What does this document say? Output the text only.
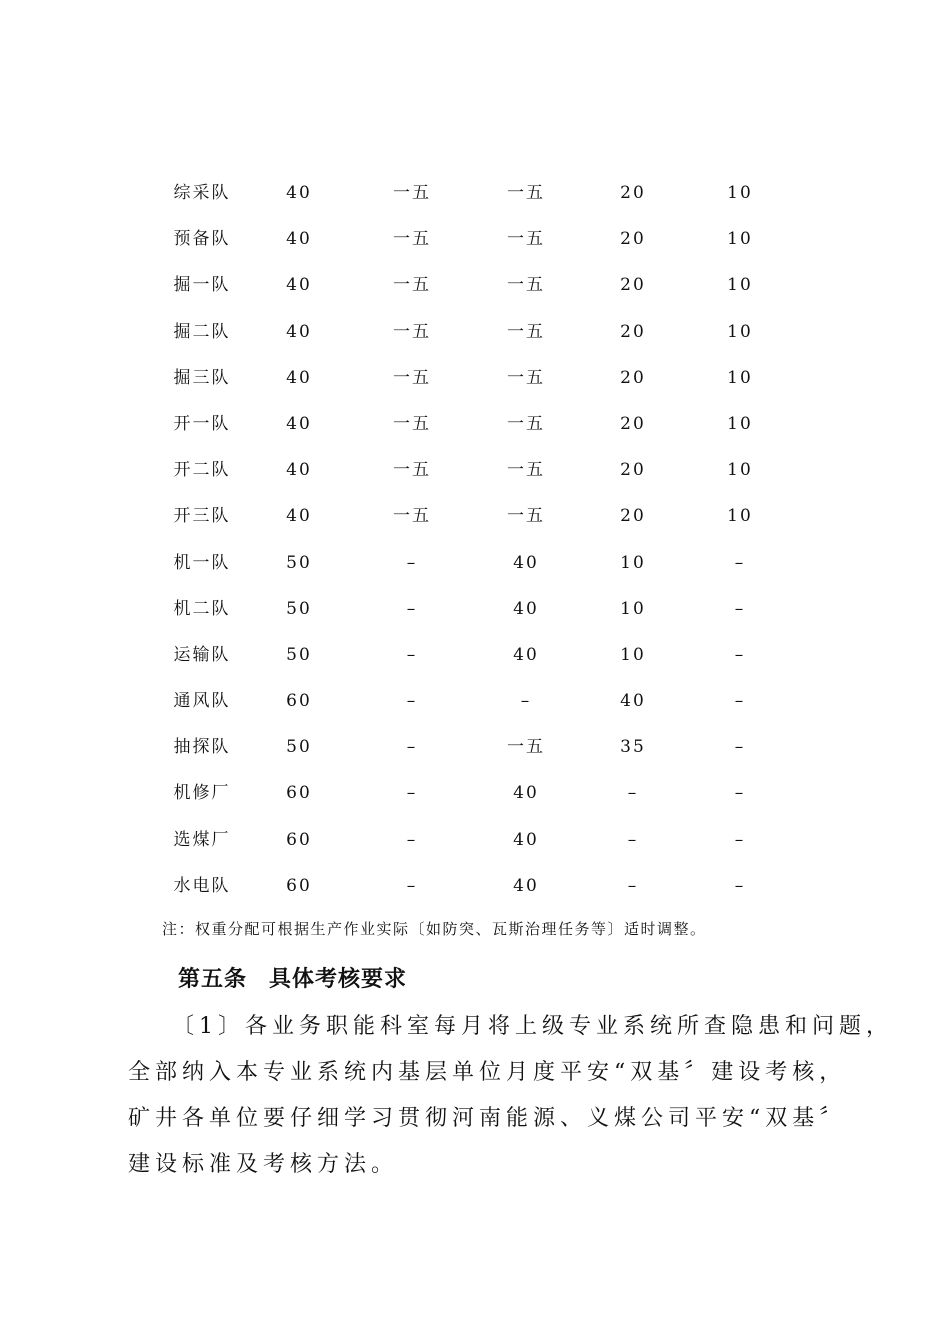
综采队	40	一五	一五	20	10
预备队	40	一五	一五	20	10
掘一队	40	一五	一五	20	10
掘二队	40	一五	一五	20	10
掘三队	40	一五	一五	20	10
开一队	40	一五	一五	20	10
开二队	40	一五	一五	20	10
开三队	40	一五	一五	20	10
机一队	50	–	40	10	–
机二队	50	–	40	10	–
运输队	50	–	40	10	–
通风队	60	–	–	40	–
抽探队	50	–	一五	35	–
机修厂	60	–	40	–	–
选煤厂	60	–	40	–	–
水电队	60	–	40	–	–
注：权重分配可根据生产作业实际〔如防突、瓦斯治理任务等〕适时调整。
第五条 具体考核要求
〔1〕各业务职能科室每月将上级专业系统所查隐患和问题，
全部纳入本专业系统内基层单位月度平安“双基〞建设考核，
矿井各单位要仔细学习贯彻河南能源、义煤公司平安“双基〞
建设标准及考核方法。
